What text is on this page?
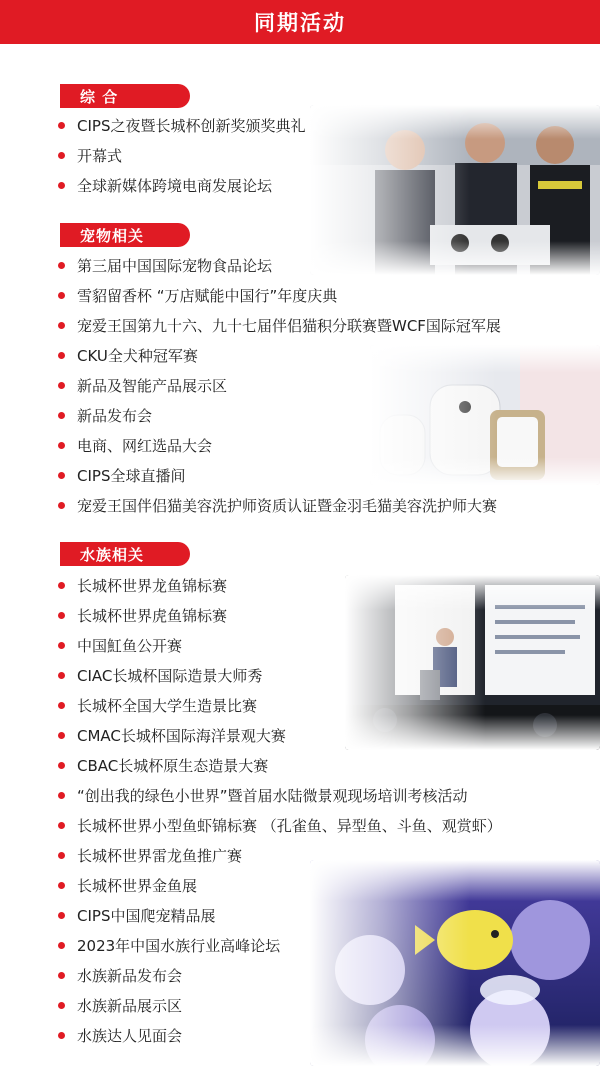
同期活动
综 合
CIPS之夜暨长城杯创新奖颁奖典礼
开幕式
全球新媒体跨境电商发展论坛
宠物相关
第三届中国国际宠物食品论坛
雪貂留香杯 “万店赋能中国行”年度庆典
宠爱王国第九十六、九十七届伴侣猫积分联赛暨WCF国际冠军展
CKU全犬种冠军赛
新品及智能产品展示区
新品发布会
电商、网红选品大会
CIPS全球直播间
宠爱王国伴侣猫美容洗护师资质认证暨金羽毛猫美容洗护师大赛
水族相关
长城杯世界龙鱼锦标赛
长城杯世界虎鱼锦标赛
中国魟鱼公开赛
CIAC长城杯国际造景大师秀
长城杯全国大学生造景比赛
CMAC长城杯国际海洋景观大赛
CBAC长城杯原生态造景大赛
“创出我的绿色小世界”暨首届水陆微景观现场培训考核活动
长城杯世界小型鱼虾锦标赛 （孔雀鱼、异型鱼、斗鱼、观赏虾）
长城杯世界雷龙鱼推广赛
长城杯世界金鱼展
CIPS中国爬宠精品展
2023年中国水族行业高峰论坛
水族新品发布会
水族新品展示区
水族达人见面会
